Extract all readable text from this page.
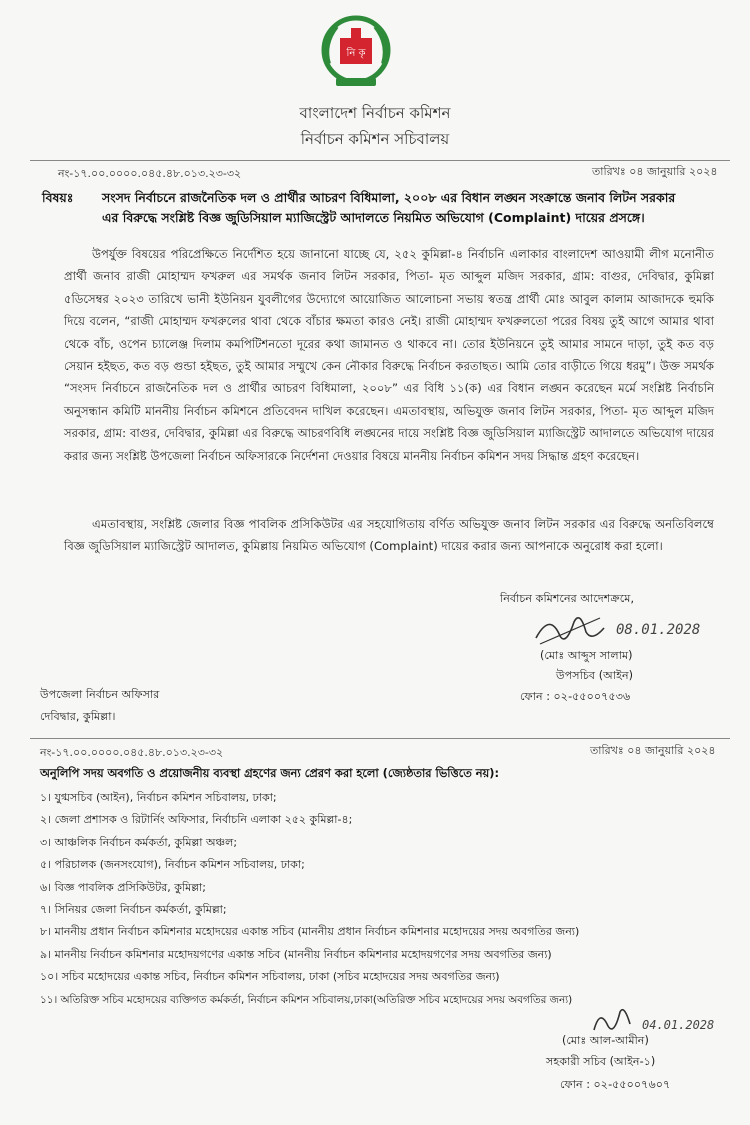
নি কৃ
বাংলাদেশ নির্বাচন কমিশন
নির্বাচন কমিশন সচিবালয়
নং-১৭.০০.০০০০.০৪৫.৪৮.০১৩.২৩-৩২	তারিখঃ ০৪ জানুয়ারি ২০২৪
বিষয়ঃ সংসদ নির্বাচনে রাজনৈতিক দল ও প্রার্থীর আচরণ বিধিমালা, ২০০৮ এর বিধান লঙ্ঘন সংক্রান্তে জনাব লিটন সরকার
এর বিরুদ্ধে সংশ্লিষ্ট বিজ্ঞ জুডিসিয়াল ম্যাজিস্ট্রেট আদালতে নিয়মিত অভিযোগ (Complaint) দায়ের প্রসঙ্গে।
উপর্যুক্ত বিষয়ের পরিপ্রেক্ষিতে নির্দেশিত হয়ে জানানো যাচ্ছে যে, ২৫২ কুমিল্লা-৪ নির্বাচনি এলাকার বাংলাদেশ আওয়ামী লীগ মনোনীত প্রার্থী জনাব রাজী মোহাম্মদ ফখরুল এর সমর্থক জনাব লিটন সরকার, পিতা- মৃত আব্দুল মজিদ সরকার, গ্রাম: বাগুর, দেবিদ্বার, কুমিল্লা ৫ডিসেম্বর ২০২৩ তারিখে ভানী ইউনিয়ন যুবলীগের উদ্যোগে আয়োজিত আলোচনা সভায় স্বতন্ত্র প্রার্থী মোঃ আবুল কালাম আজাদকে হুমকি দিয়ে বলেন, “রাজী মোহাম্মদ ফখরুলের থাবা থেকে বাঁচার ক্ষমতা কারও নেই। রাজী মোহাম্মদ ফখরুলতো পরের বিষয় তুই আগে আমার থাবা থেকে বাঁচ, ওপেন চ্যালেঞ্জ দিলাম কমপিটিশনতো দূরের কথা জামানত ও থাকবে না। তোর ইউনিয়নে তুই আমার সামনে দাড়া, তুই কত বড় সেয়ান হইছত, কত বড় গুন্ডা হইছত, তুই আমার সম্মুখে কেন নৌকার বিরুদ্ধে নির্বাচন করতাছত। আমি তোর বাড়ীতে গিয়ে ধরমু”। উক্ত সমর্থক “সংসদ নির্বাচনে রাজনৈতিক দল ও প্রার্থীর আচরণ বিধিমালা, ২০০৮” এর বিধি ১১(ক) এর বিধান লঙ্ঘন করেছেন মর্মে সংশ্লিষ্ট নির্বাচনি অনুসন্ধান কমিটি মাননীয় নির্বাচন কমিশনে প্রতিবেদন দাখিল করেছেন। এমতাবস্থায়, অভিযুক্ত জনাব লিটন সরকার, পিতা- মৃত আব্দুল মজিদ সরকার, গ্রাম: বাগুর, দেবিদ্বার, কুমিল্লা এর বিরুদ্ধে আচরণবিধি লঙ্ঘনের দায়ে সংশ্লিষ্ট বিজ্ঞ জুডিসিয়াল ম্যাজিস্ট্রেট আদালতে অভিযোগ দায়ের করার জন্য সংশ্লিষ্ট উপজেলা নির্বাচন অফিসারকে নির্দেশনা দেওয়ার বিষয়ে মাননীয় নির্বাচন কমিশন সদয় সিদ্ধান্ত গ্রহণ করেছেন।
এমতাবস্থায়, সংশ্লিষ্ট জেলার বিজ্ঞ পাবলিক প্রসিকিউটর এর সহযোগিতায় বর্ণিত অভিযুক্ত জনাব লিটন সরকার এর বিরুদ্ধে অনতিবিলম্বে বিজ্ঞ জুডিসিয়াল ম্যাজিস্ট্রেট আদালত, কুমিল্লায় নিয়মিত অভিযোগ (Complaint) দায়ের করার জন্য আপনাকে অনুরোধ করা হলো।
নির্বাচন কমিশনের আদেশক্রমে,
08.01.2028
(মোঃ আব্দুস সালাম)
উপসচিব (আইন)
ফোন : ০২-৫৫০০৭৫৩৬
উপজেলা নির্বাচন অফিসার
দেবিদ্বার, কুমিল্লা।
নং-১৭.০০.০০০০.০৪৫.৪৮.০১৩.২৩-৩২	তারিখঃ ০৪ জানুয়ারি ২০২৪
অনুলিপি সদয় অবগতি ও প্রয়োজনীয় ব্যবস্থা গ্রহণের জন্য প্রেরণ করা হলো (জ্যেষ্ঠতার ভিত্তিতে নয়):
১। যুগ্মসচিব (আইন), নির্বাচন কমিশন সচিবালয়, ঢাকা;
২। জেলা প্রশাসক ও রিটার্নিং অফিসার, নির্বাচনি এলাকা ২৫২ কুমিল্লা-৪;
৩। আঞ্চলিক নির্বাচন কর্মকর্তা, কুমিল্লা অঞ্চল;
৫। পরিচালক (জনসংযোগ), নির্বাচন কমিশন সচিবালয়, ঢাকা;
৬। বিজ্ঞ পাবলিক প্রসিকিউটর, কুমিল্লা;
৭। সিনিয়র জেলা নির্বাচন কর্মকর্তা, কুমিল্লা;
৮। মাননীয় প্রধান নির্বাচন কমিশনার মহোদয়ের একান্ত সচিব (মাননীয় প্রধান নির্বাচন কমিশনার মহোদয়ের সদয় অবগতির জন্য)
৯। মাননীয় নির্বাচন কমিশনার মহোদয়গণের একান্ত সচিব (মাননীয় নির্বাচন কমিশনার মহোদয়গণের সদয় অবগতির জন্য)
১০। সচিব মহোদয়ের একান্ত সচিব, নির্বাচন কমিশন সচিবালয়, ঢাকা (সচিব মহোদয়ের সদয় অবগতির জন্য)
১১। অতিরিক্ত সচিব মহোদয়ের ব্যক্তিগত কর্মকর্তা, নির্বাচন কমিশন সচিবালয়,ঢাকা(অতিরিক্ত সচিব মহোদয়ের সদয় অবগতির জন্য)
04.01.2028
(মোঃ আল-আমীন)
সহকারী সচিব (আইন-১)
ফোন : ০২-৫৫০০৭৬০৭
